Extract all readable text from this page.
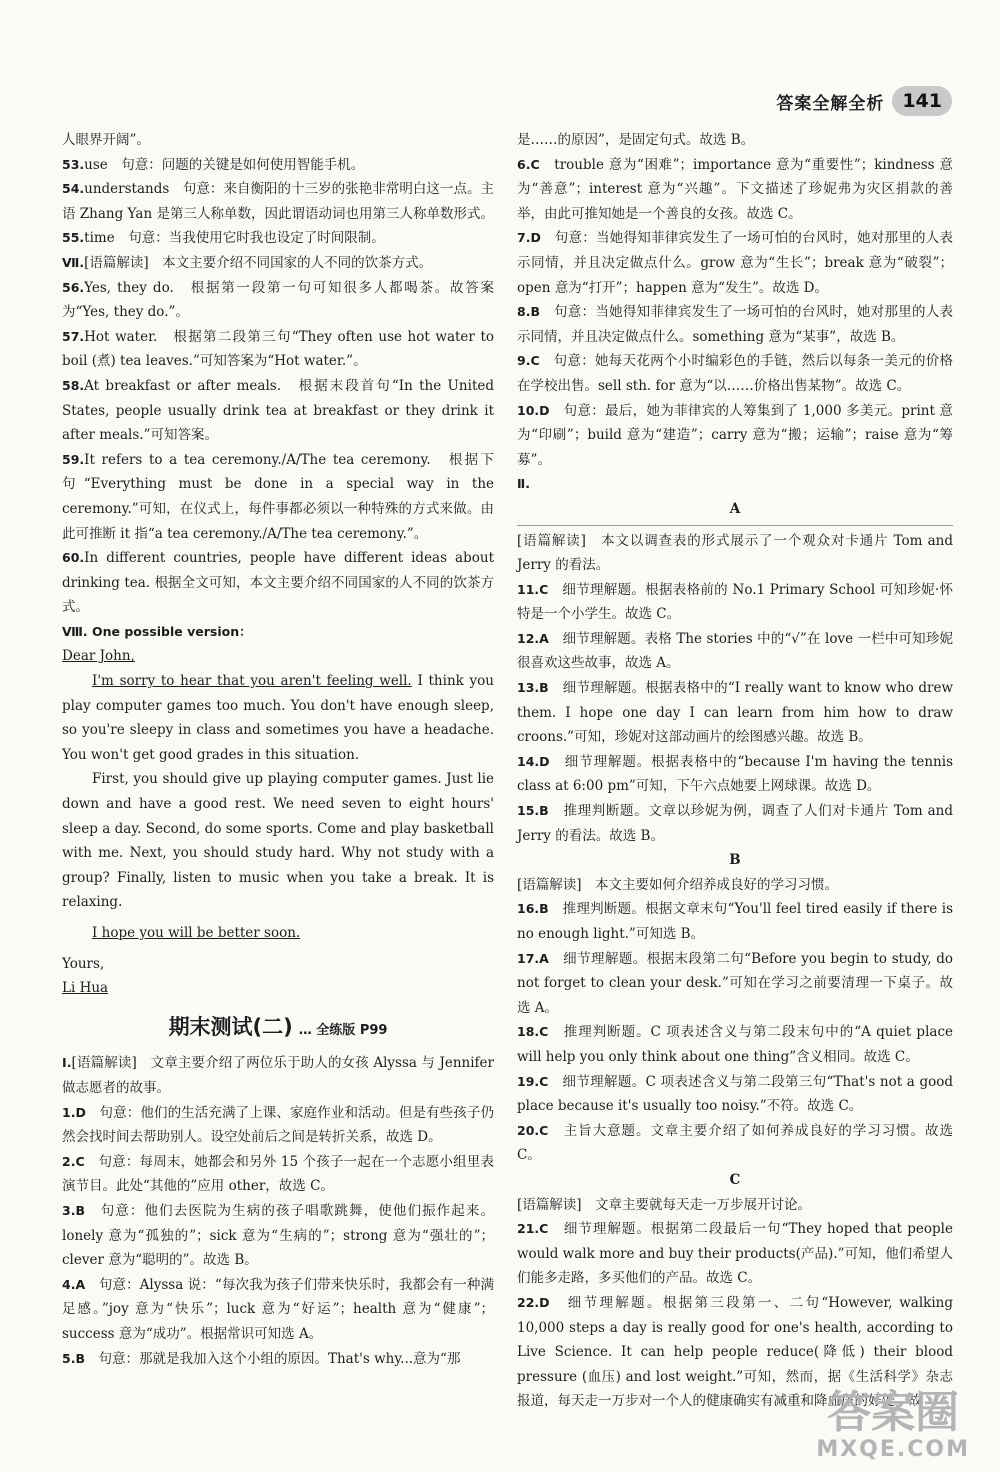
答案全解全析 141

人眼界开阔”。

53.use　句意：问题的关键是如何使用智能手机。

54.understands　句意：来自衡阳的十三岁的张艳非常明白这一点。主语 Zhang Yan 是第三人称单数，因此谓语动词也用第三人称单数形式。

55.time　句意：当我使用它时我也设定了时间限制。

Ⅶ.[语篇解读]　本文主要介绍不同国家的人不同的饮茶方式。

56.Yes, they do.　根据第一段第一句可知很多人都喝茶。故答案为“Yes, they do.”。

57.Hot water.　根据第二段第三句“They often use hot water to boil (煮) tea leaves.”可知答案为“Hot water.”。

58.At breakfast or after meals.　根据末段首句“In the United States, people usually drink tea at breakfast or they drink it after meals.”可知答案。

59.It refers to a tea ceremony./A/The tea ceremony.　根据下句“Everything must be done in a special way in the ceremony.”可知，在仪式上，每件事都必须以一种特殊的方式来做。由此可推断 it 指“a tea ceremony./A/The tea ceremony.”。

60.In different countries, people have different ideas about drinking tea. 根据全文可知，本文主要介绍不同国家的人不同的饮茶方式。

Ⅷ. One possible version：

Dear John,

I'm sorry to hear that you aren't feeling well. I think you play computer games too much. You don't have enough sleep, so you're sleepy in class and sometimes you have a headache. You won't get good grades in this situation.

First, you should give up playing computer games. Just lie down and have a good rest. We need seven to eight hours' sleep a day. Second, do some sports. Come and play basketball with me. Next, you should study hard. Why not study with a group? Finally, listen to music when you take a break. It is relaxing.

I hope you will be better soon.

Yours,

Li Hua

期末测试(二) … 全练版 P99

Ⅰ.[语篇解读]　文章主要介绍了两位乐于助人的女孩 Alyssa 与 Jennifer 做志愿者的故事。

1.D　句意：他们的生活充满了上课、家庭作业和活动。但是有些孩子仍然会找时间去帮助别人。设空处前后之间是转折关系，故选 D。

2.C　句意：每周末，她都会和另外 15 个孩子一起在一个志愿小组里表演节目。此处“其他的”应用 other，故选 C。

3.B　句意：他们去医院为生病的孩子唱歌跳舞，使他们振作起来。lonely 意为“孤独的”；sick 意为“生病的”；strong 意为“强壮的”；clever 意为“聪明的”。故选 B。

4.A　句意：Alyssa 说：“每次我为孩子们带来快乐时，我都会有一种满足感。”joy 意为“快乐”；luck 意为“好运”；health 意为“健康”；success 意为“成功”。根据常识可知选 A。

5.B　句意：那就是我加入这个小组的原因。That's why...意为“那

是……的原因”，是固定句式。故选 B。

6.C　trouble 意为“困难”；importance 意为“重要性”；kindness 意为“善意”；interest 意为“兴趣”。下文描述了珍妮弗为灾区捐款的善举，由此可推知她是一个善良的女孩。故选 C。

7.D　句意：当她得知菲律宾发生了一场可怕的台风时，她对那里的人表示同情，并且决定做点什么。grow 意为“生长”；break 意为“破裂”；open 意为“打开”；happen 意为“发生”。故选 D。

8.B　句意：当她得知菲律宾发生了一场可怕的台风时，她对那里的人表示同情，并且决定做点什么。something 意为“某事”，故选 B。

9.C　句意：她每天花两个小时编彩色的手链，然后以每条一美元的价格在学校出售。sell sth. for 意为“以……价格出售某物”。故选 C。

10.D　句意：最后，她为菲律宾的人筹集到了 1,000 多美元。print 意为“印刷”；build 意为“建造”；carry 意为“搬；运输”；raise 意为“筹募”。

Ⅱ.
A

[语篇解读]　本文以调查表的形式展示了一个观众对卡通片 Tom and Jerry 的看法。

11.C　细节理解题。根据表格前的 No.1 Primary School 可知珍妮·怀特是一个小学生。故选 C。

12.A　细节理解题。表格 The stories 中的“√”在 love 一栏中可知珍妮很喜欢这些故事，故选 A。

13.B　细节理解题。根据表格中的“I really want to know who drew them. I hope one day I can learn from him how to draw croons.”可知，珍妮对这部动画片的绘图感兴趣。故选 B。

14.D　细节理解题。根据表格中的“because I'm having the tennis class at 6:00 pm”可知，下午六点她要上网球课。故选 D。

15.B　推理判断题。文章以珍妮为例，调查了人们对卡通片 Tom and Jerry 的看法。故选 B。

B

[语篇解读]　本文主要如何介绍养成良好的学习习惯。

16.B　推理判断题。根据文章末句“You'll feel tired easily if there is no enough light.”可知选 B。

17.A　细节理解题。根据末段第二句“Before you begin to study, do not forget to clean your desk.”可知在学习之前要清理一下桌子。故选 A。

18.C　推理判断题。C 项表述含义与第二段末句中的“A quiet place will help you only think about one thing”含义相同。故选 C。

19.C　细节理解题。C 项表述含义与第二段第三句“That's not a good place because it's usually too noisy.”不符。故选 C。

20.C　主旨大意题。文章主要介绍了如何养成良好的学习习惯。故选 C。

C

[语篇解读]　文章主要就每天走一万步展开讨论。

21.C　细节理解题。根据第二段最后一句“They hoped that people would walk more and buy their products(产品).”可知，他们希望人们能多走路，多买他们的产品。故选 C。

22.D　细节理解题。根据第三段第一、二句“However, walking 10,000 steps a day is really good for one's health, according to Live Science. It can help people reduce(降低) their blood pressure (血压) and lost weight.”可知，然而，据《生活科学》杂志报道，每天走一万步对一个人的健康确实有减重和降血压的好处。故

答案圈
MXQE.COM
